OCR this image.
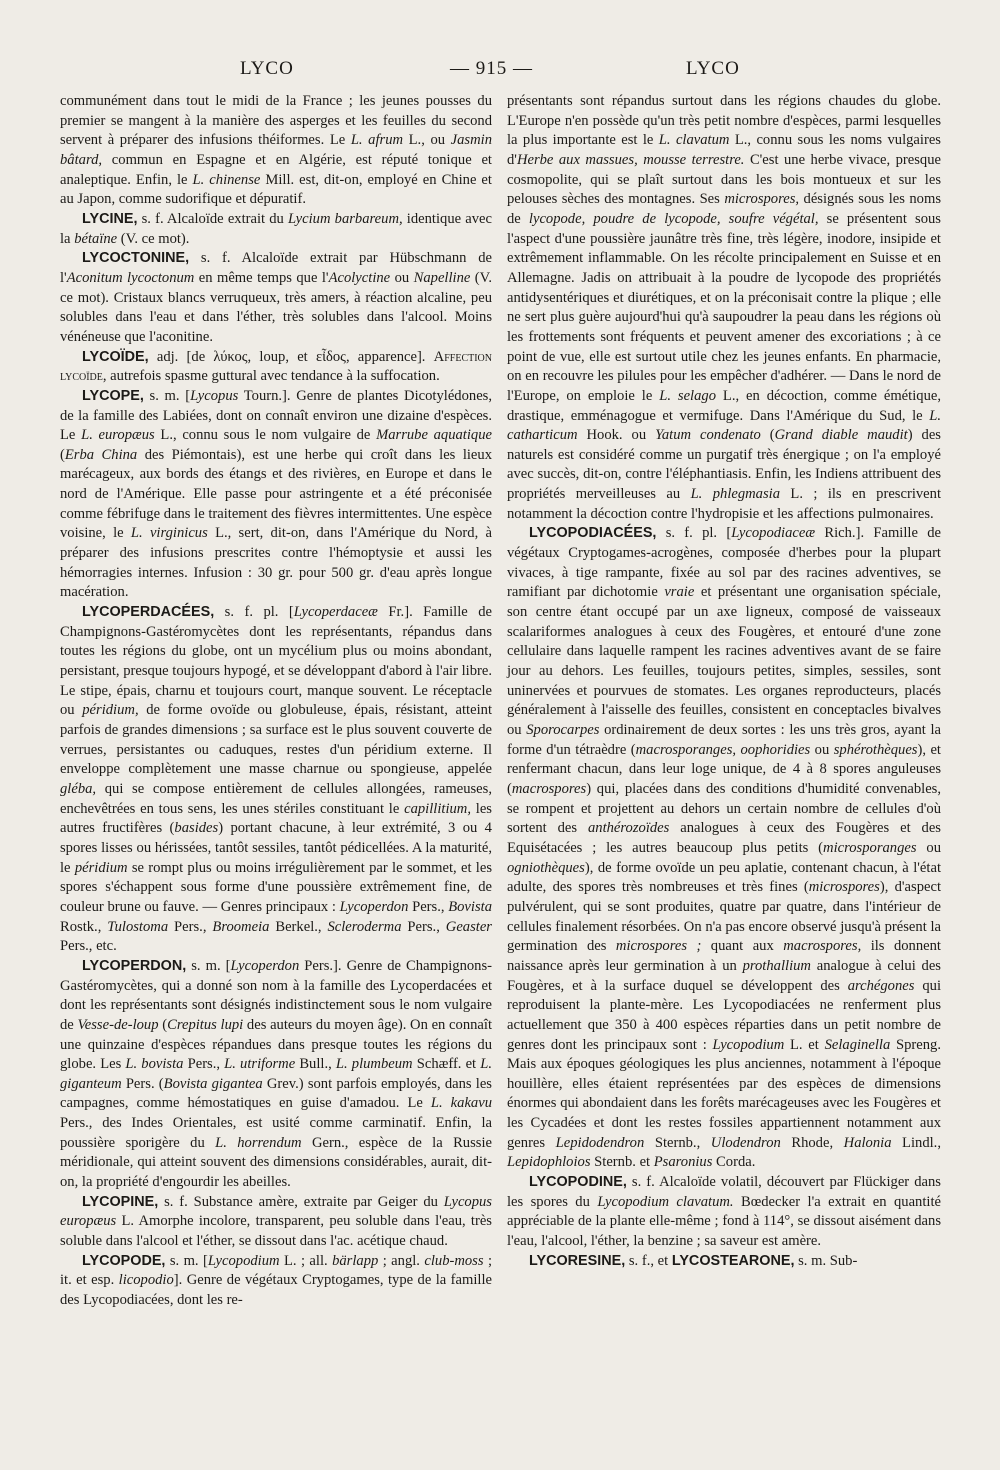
LYCO	— 915 —	LYCO

communément dans tout le midi de la France ; les jeunes pousses du premier se mangent à la manière des asperges et les feuilles du second servent à préparer des infusions théiformes. Le L. afrum L., ou Jasmin bâtard, commun en Espagne et en Algérie, est réputé tonique et analeptique. Enfin, le L. chinense Mill. est, dit-on, employé en Chine et au Japon, comme sudorifique et dépuratif.

LYCINE, s. f. Alcaloïde extrait du Lycium barbareum, identique avec la bétaïne (V. ce mot).

LYCOCTONINE, s. f. Alcaloïde extrait par Hübschmann de l'Aconitum lycoctonum en même temps que l'Acolyctine ou Napelline (V. ce mot). Cristaux blancs verruqueux, très amers, à réaction alcaline, peu solubles dans l'eau et dans l'éther, très solubles dans l'alcool. Moins vénéneuse que l'aconitine.

LYCOÏDE, adj. [de λύκος, loup, et εἶδος, apparence]. Affection lycoïde, autrefois spasme guttural avec tendance à la suffocation.

LYCOPE, s. m. [Lycopus Tourn.]. Genre de plantes Dicotylédones, de la famille des Labiées, dont on connaît environ une dizaine d'espèces. Le L. europæus L., connu sous le nom vulgaire de Marrube aquatique (Erba China des Piémontais), est une herbe qui croît dans les lieux marécageux, aux bords des étangs et des rivières, en Europe et dans le nord de l'Amérique. Elle passe pour astringente et a été préconisée comme fébrifuge dans le traitement des fièvres intermittentes. Une espèce voisine, le L. virginicus L., sert, dit-on, dans l'Amérique du Nord, à préparer des infusions prescrites contre l'hémoptysie et aussi les hémorragies internes. Infusion : 30 gr. pour 500 gr. d'eau après longue macération.

LYCOPERDACÉES, s. f. pl. [Lycoperdaceæ Fr.]. Famille de Champignons-Gastéromycètes dont les représentants, répandus dans toutes les régions du globe, ont un mycélium plus ou moins abondant, persistant, presque toujours hypogé, et se développant d'abord à l'air libre. Le stipe, épais, charnu et toujours court, manque souvent. Le réceptacle ou péridium, de forme ovoïde ou globuleuse, épais, résistant, atteint parfois de grandes dimensions ; sa surface est le plus souvent couverte de verrues, persistantes ou caduques, restes d'un péridium externe. Il enveloppe complètement une masse charnue ou spongieuse, appelée gléba, qui se compose entièrement de cellules allongées, rameuses, enchevêtrées en tous sens, les unes stériles constituant le capillitium, les autres fructifères (basides) portant chacune, à leur extrémité, 3 ou 4 spores lisses ou hérissées, tantôt sessiles, tantôt pédicellées. A la maturité, le péridium se rompt plus ou moins irrégulièrement par le sommet, et les spores s'échappent sous forme d'une poussière extrêmement fine, de couleur brune ou fauve. — Genres principaux : Lycoperdon Pers., Bovista Rostk., Tulostoma Pers., Broomeia Berkel., Scleroderma Pers., Geaster Pers., etc.

LYCOPERDON, s. m. [Lycoperdon Pers.]. Genre de Champignons-Gastéromycètes, qui a donné son nom à la famille des Lycoperdacées et dont les représentants sont désignés indistinctement sous le nom vulgaire de Vesse-de-loup (Crepitus lupi des auteurs du moyen âge). On en connaît une quinzaine d'espèces répandues dans presque toutes les régions du globe. Les L. bovista Pers., L. utriforme Bull., L. plumbeum Schæff. et L. giganteum Pers. (Bovista gigantea Grev.) sont parfois employés, dans les campagnes, comme hémostatiques en guise d'amadou. Le L. kakavu Pers., des Indes Orientales, est usité comme carminatif. Enfin, la poussière sporigère du L. horrendum Gern., espèce de la Russie méridionale, qui atteint souvent des dimensions considérables, aurait, dit-on, la propriété d'engourdir les abeilles.

LYCOPINE, s. f. Substance amère, extraite par Geiger du Lycopus europæus L. Amorphe incolore, transparent, peu soluble dans l'eau, très soluble dans l'alcool et l'éther, se dissout dans l'ac. acétique chaud.

LYCOPODE, s. m. [Lycopodium L. ; all. bärlapp ; angl. club-moss ; it. et esp. licopodio]. Genre de végétaux Cryptogames, type de la famille des Lycopodiacées, dont les re-

présentants sont répandus surtout dans les régions chaudes du globe. L'Europe n'en possède qu'un très petit nombre d'espèces, parmi lesquelles la plus importante est le L. clavatum L., connu sous les noms vulgaires d'Herbe aux massues, mousse terrestre. C'est une herbe vivace, presque cosmopolite, qui se plaît surtout dans les bois montueux et sur les pelouses sèches des montagnes. Ses microspores, désignés sous les noms de lycopode, poudre de lycopode, soufre végétal, se présentent sous l'aspect d'une poussière jaunâtre très fine, très légère, inodore, insipide et extrêmement inflammable. On les récolte principalement en Suisse et en Allemagne. Jadis on attribuait à la poudre de lycopode des propriétés antidysentériques et diurétiques, et on la préconisait contre la plique ; elle ne sert plus guère aujourd'hui qu'à saupoudrer la peau dans les régions où les frottements sont fréquents et peuvent amener des excoriations ; à ce point de vue, elle est surtout utile chez les jeunes enfants. En pharmacie, on en recouvre les pilules pour les empêcher d'adhérer. — Dans le nord de l'Europe, on emploie le L. selago L., en décoction, comme émétique, drastique, emménagogue et vermifuge. Dans l'Amérique du Sud, le L. catharticum Hook. ou Yatum condenato (Grand diable maudit) des naturels est considéré comme un purgatif très énergique ; on l'a employé avec succès, dit-on, contre l'éléphantiasis. Enfin, les Indiens attribuent des propriétés merveilleuses au L. phlegmasia L. ; ils en prescrivent notamment la décoction contre l'hydropisie et les affections pulmonaires.

LYCOPODIACÉES, s. f. pl. [Lycopodiaceæ Rich.]. Famille de végétaux Cryptogames-acrogènes, composée d'herbes pour la plupart vivaces, à tige rampante, fixée au sol par des racines adventives, se ramifiant par dichotomie vraie et présentant une organisation spéciale, son centre étant occupé par un axe ligneux, composé de vaisseaux scalariformes analogues à ceux des Fougères, et entouré d'une zone cellulaire dans laquelle rampent les racines adventives avant de se faire jour au dehors. Les feuilles, toujours petites, simples, sessiles, sont uninervées et pourvues de stomates. Les organes reproducteurs, placés généralement à l'aisselle des feuilles, consistent en conceptacles bivalves ou Sporocarpes ordinairement de deux sortes : les uns très gros, ayant la forme d'un tétraèdre (macrosporanges, oophoridies ou sphérothèques), et renfermant chacun, dans leur loge unique, de 4 à 8 spores anguleuses (macrospores) qui, placées dans des conditions d'humidité convenables, se rompent et projettent au dehors un certain nombre de cellules d'où sortent des anthérozoïdes analogues à ceux des Fougères et des Equisétacées ; les autres beaucoup plus petits (microsporanges ou ogniothèques), de forme ovoïde un peu aplatie, contenant chacun, à l'état adulte, des spores très nombreuses et très fines (microspores), d'aspect pulvérulent, qui se sont produites, quatre par quatre, dans l'intérieur de cellules finalement résorbées. On n'a pas encore observé jusqu'à présent la germination des microspores ; quant aux macrospores, ils donnent naissance après leur germination à un prothallium analogue à celui des Fougères, et à la surface duquel se développent des archégones qui reproduisent la plante-mère. Les Lycopodiacées ne renferment plus actuellement que 350 à 400 espèces réparties dans un petit nombre de genres dont les principaux sont : Lycopodium L. et Selaginella Spreng. Mais aux époques géologiques les plus anciennes, notamment à l'époque houillère, elles étaient représentées par des espèces de dimensions énormes qui abondaient dans les forêts marécageuses avec les Fougères et les Cycadées et dont les restes fossiles appartiennent notamment aux genres Lepidodendron Sternb., Ulodendron Rhode, Halonia Lindl., Lepidophloios Sternb. et Psaronius Corda.

LYCOPODINE, s. f. Alcaloïde volatil, découvert par Flückiger dans les spores du Lycopodium clavatum. Bœdecker l'a extrait en quantité appréciable de la plante elle-même ; fond à 114°, se dissout aisément dans l'eau, l'alcool, l'éther, la benzine ; sa saveur est amère.

LYCORESINE, s. f., et LYCOSTEARONE, s. m. Sub-
